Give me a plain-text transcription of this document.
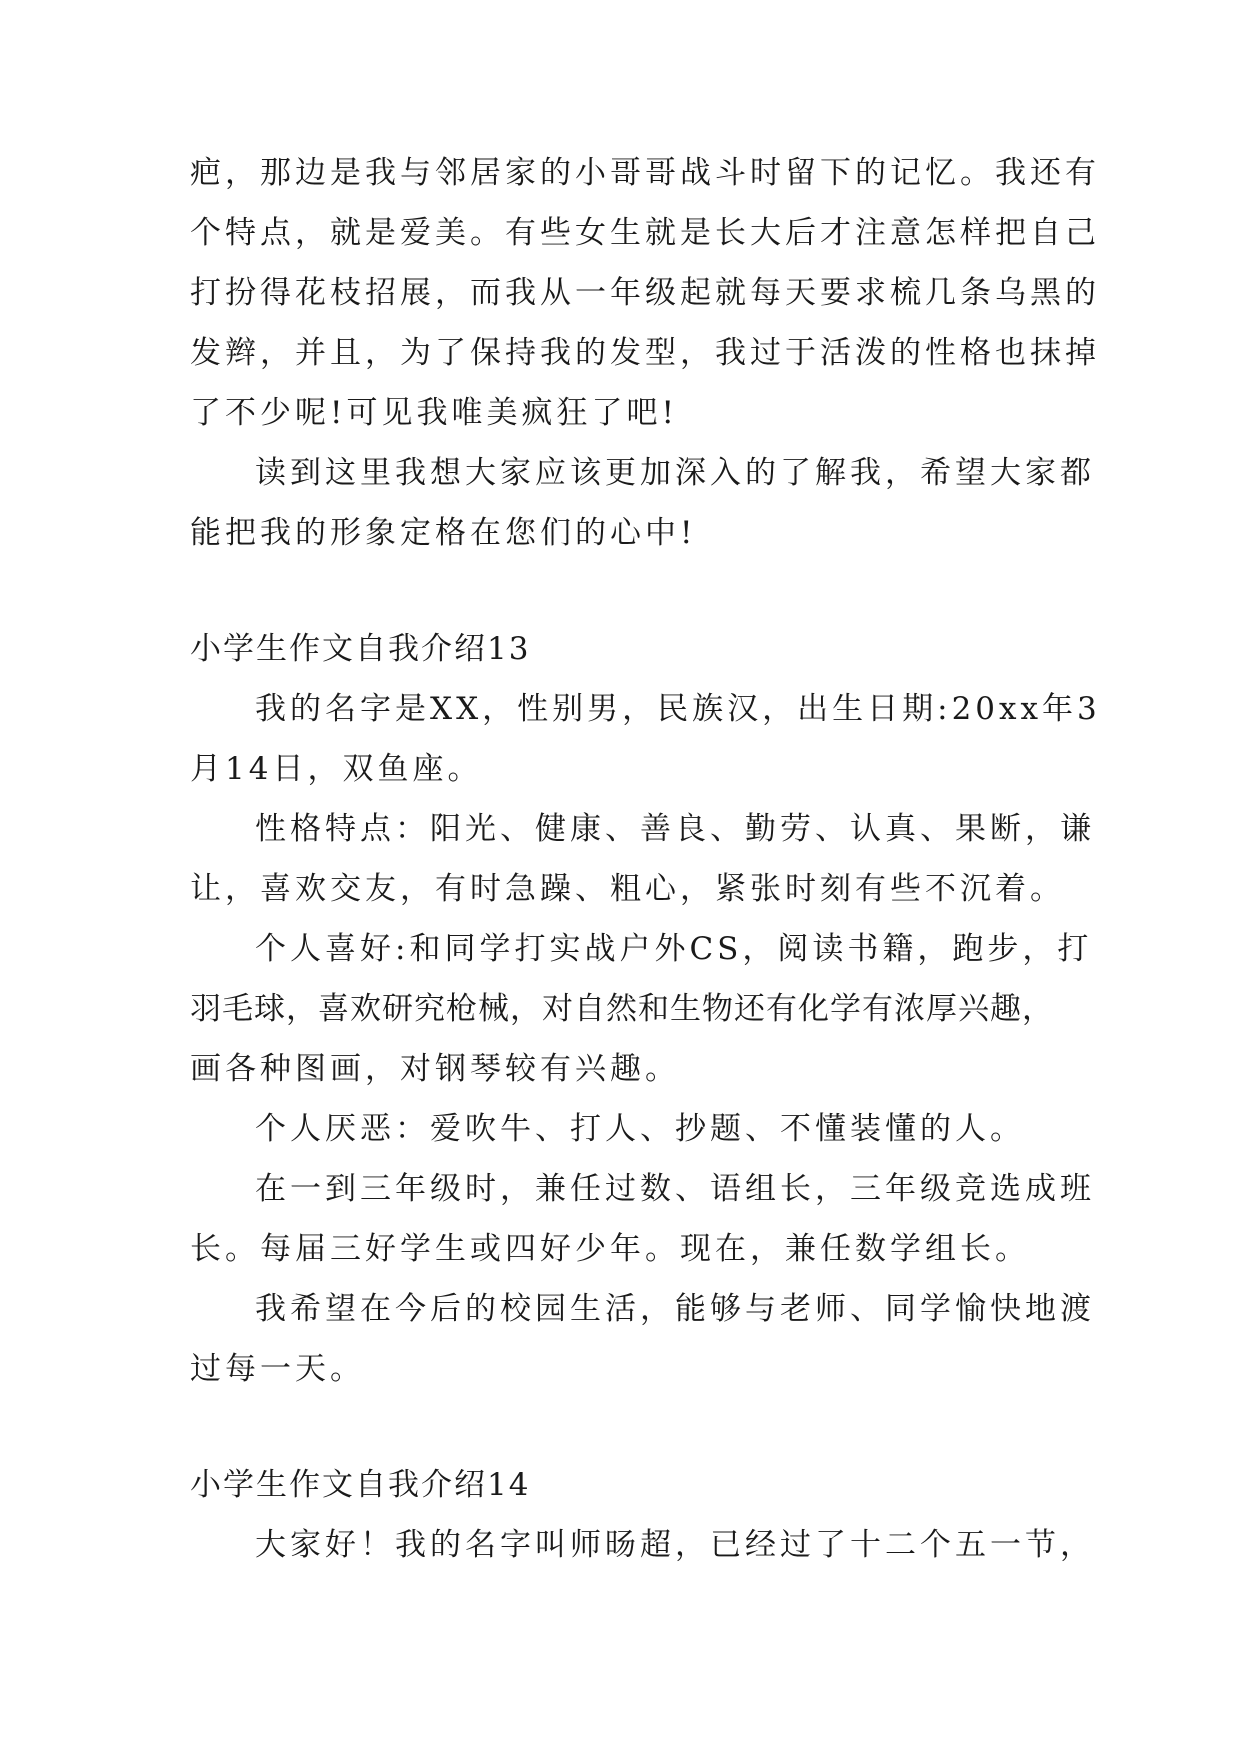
疤，那边是我与邻居家的小哥哥战斗时留下的记忆。我还有
个特点，就是爱美。有些女生就是长大后才注意怎样把自己
打扮得花枝招展，而我从一年级起就每天要求梳几条乌黑的
发辫，并且，为了保持我的发型，我过于活泼的性格也抹掉
了不少呢!可见我唯美疯狂了吧!
读到这里我想大家应该更加深入的了解我，希望大家都
能把我的形象定格在您们的心中!
小学生作文自我介绍13
我的名字是XX，性别男，民族汉，出生日期:20xx年3
月14日，双鱼座。
性格特点：阳光、健康、善良、勤劳、认真、果断，谦
让，喜欢交友，有时急躁、粗心，紧张时刻有些不沉着。
个人喜好:和同学打实战户外CS，阅读书籍，跑步，打
羽毛球，喜欢研究枪械，对自然和生物还有化学有浓厚兴趣，
画各种图画，对钢琴较有兴趣。
个人厌恶：爱吹牛、打人、抄题、不懂装懂的人。
在一到三年级时，兼任过数、语组长，三年级竞选成班
长。每届三好学生或四好少年。现在，兼任数学组长。
我希望在今后的校园生活，能够与老师、同学愉快地渡
过每一天。
小学生作文自我介绍14
大家好！我的名字叫师旸超，已经过了十二个五一节，
